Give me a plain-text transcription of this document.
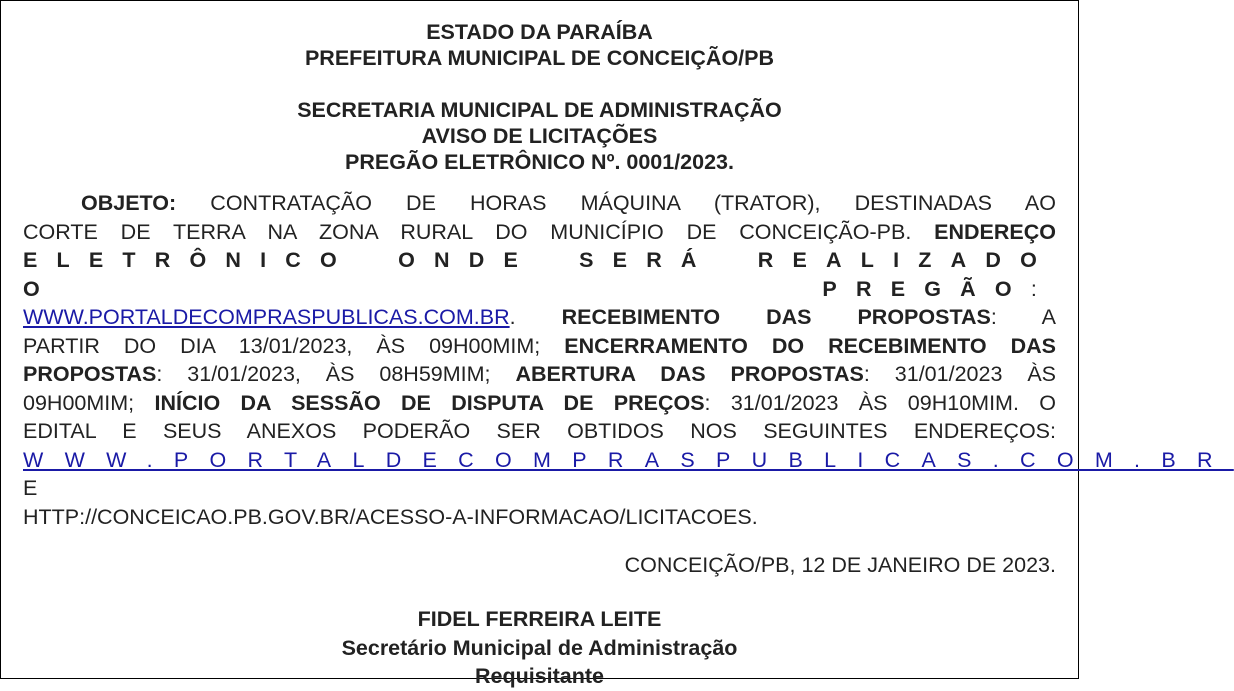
ESTADO DA PARAÍBA
PREFEITURA MUNICIPAL DE CONCEIÇÃO/PB
SECRETARIA MUNICIPAL DE ADMINISTRAÇÃO
AVISO DE LICITAÇÕES
PREGÃO ELETRÔNICO Nº. 0001/2023.
OBJETO: CONTRATAÇÃO DE HORAS MÁQUINA (TRATOR), DESTINADAS AO
CORTE DE TERRA NA ZONA RURAL DO MUNICÍPIO DE CONCEIÇÃO-PB. ENDEREÇO
ELETRÔNICO ONDE SERÁ REALIZADO O PREGÃO:
WWW.PORTALDECOMPRASPUBLICAS.COM.BR. RECEBIMENTO DAS PROPOSTAS: A
PARTIR DO DIA 13/01/2023, ÀS 09H00MIM; ENCERRAMENTO DO RECEBIMENTO DAS
PROPOSTAS: 31/01/2023, ÀS 08H59MIM; ABERTURA DAS PROPOSTAS: 31/01/2023 ÀS
09H00MIM; INÍCIO DA SESSÃO DE DISPUTA DE PREÇOS: 31/01/2023 ÀS 09H10MIM. O
EDITAL E SEUS ANEXOS PODERÃO SER OBTIDOS NOS SEGUINTES ENDEREÇOS:
WWW.PORTALDECOMPRASPUBLICAS.COM.BR E
HTTP://CONCEICAO.PB.GOV.BR/ACESSO-A-INFORMACAO/LICITACOES.
CONCEIÇÃO/PB, 12 DE JANEIRO DE 2023.
FIDEL FERREIRA LEITE
Secretário Municipal de Administração
Requisitante
